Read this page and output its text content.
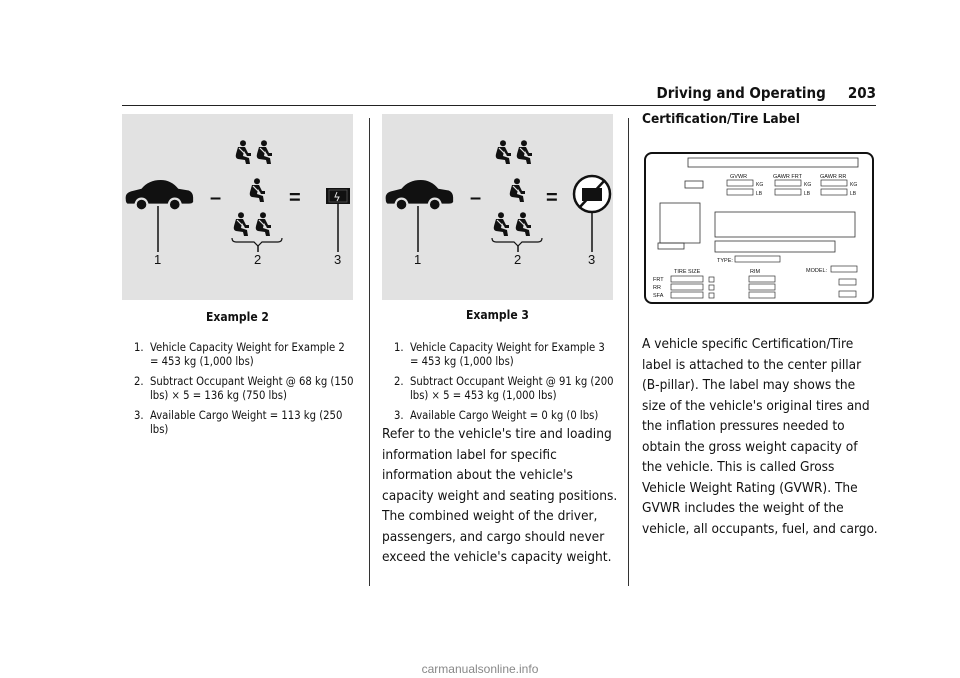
Driving and Operating 203
–	=
1	2	3
Example 2
1. Vehicle Capacity Weight for Example 2 = 453 kg (1,000 lbs)
2. Subtract Occupant Weight @ 68 kg (150 lbs) × 5 = 136 kg (750 lbs)
3. Available Cargo Weight = 113 kg (250 lbs)
–	=
1	2	3
Example 3
1. Vehicle Capacity Weight for Example 3 = 453 kg (1,000 lbs)
2. Subtract Occupant Weight @ 91 kg (200 lbs) × 5 = 453 kg (1,000 lbs)
3. Available Cargo Weight = 0 kg (0 lbs)

Refer to the vehicle's tire and loading information label for specific information about the vehicle's capacity weight and seating positions. The combined weight of the driver, passengers, and cargo should never exceed the vehicle's capacity weight.

Certification/Tire Label
GVWR	GAWR FRT	GAWR RR
KG
LB
KG
LB
KG
LB
TYPE:
MODEL:
TIRE SIZE	RIM
FRT
RR
SFA

A vehicle specific Certification/Tire label is attached to the center pillar (B-pillar). The label may shows the size of the vehicle's original tires and the inflation pressures needed to obtain the gross weight capacity of the vehicle. This is called Gross Vehicle Weight Rating (GVWR). The GVWR includes the weight of the vehicle, all occupants, fuel, and cargo.

carmanualsonline.info
